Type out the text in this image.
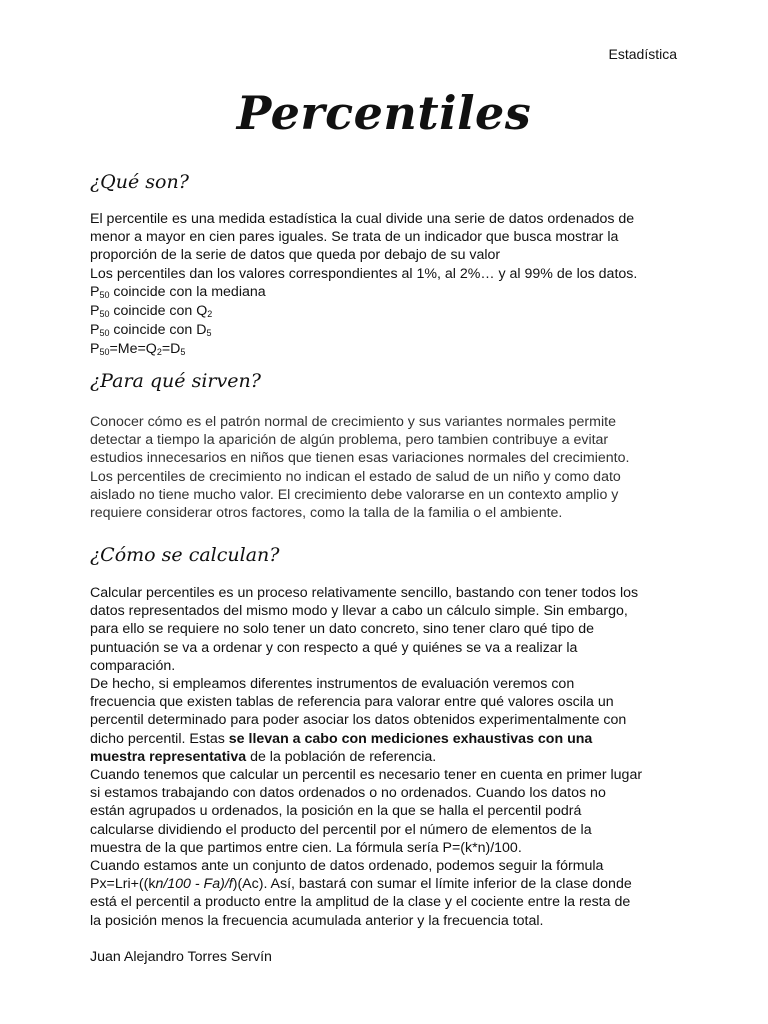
Estadística
Percentiles
¿Qué son?
El percentile es una medida estadística la cual divide una serie de datos ordenados de
menor a mayor en cien pares iguales. Se trata de un indicador que busca mostrar la
proporción de la serie de datos que queda por debajo de su valor
Los percentiles dan los valores correspondientes al 1%, al 2%… y al 99% de los datos.
$P_{50}$ coincide con la mediana
$P_{50}$ coincide con $Q_2$
$P_{50}$ coincide con $D_5$
$P_{50}=Me=Q_2=D_5$
¿Para qué sirven?
Conocer cómo es el patrón normal de crecimiento y sus variantes normales permite
detectar a tiempo la aparición de algún problema, pero tambien contribuye a evitar
estudios innecesarios en niños que tienen esas variaciones normales del crecimiento.
Los percentiles de crecimiento no indican el estado de salud de un niño y como dato
aislado no tiene mucho valor. El crecimiento debe valorarse en un contexto amplio y
requiere considerar otros factores, como la talla de la familia o el ambiente.
¿Cómo se calculan?
Calcular percentiles es un proceso relativamente sencillo, bastando con tener todos los
datos representados del mismo modo y llevar a cabo un cálculo simple. Sin embargo,
para ello se requiere no solo tener un dato concreto, sino tener claro qué tipo de
puntuación se va a ordenar y con respecto a qué y quiénes se va a realizar la
comparación.
De hecho, si empleamos diferentes instrumentos de evaluación veremos con
frecuencia que existen tablas de referencia para valorar entre qué valores oscila un
percentil determinado para poder asociar los datos obtenidos experimentalmente con
dicho percentil. Estas se llevan a cabo con mediciones exhaustivas con una
muestra representativa de la población de referencia.
Cuando tenemos que calcular un percentil es necesario tener en cuenta en primer lugar
si estamos trabajando con datos ordenados o no ordenados. Cuando los datos no
están agrupados u ordenados, la posición en la que se halla el percentil podrá
calcularse dividiendo el producto del percentil por el número de elementos de la
muestra de la que partimos entre cien. La fórmula sería P=(k*n)/100.
Cuando estamos ante un conjunto de datos ordenado, podemos seguir la fórmula
Px=Lri+((kn/100 - Fa)/f)(Ac). Así, bastará con sumar el límite inferior de la clase donde
está el percentil a producto entre la amplitud de la clase y el cociente entre la resta de
la posición menos la frecuencia acumulada anterior y la frecuencia total.
Juan Alejandro Torres Servín
